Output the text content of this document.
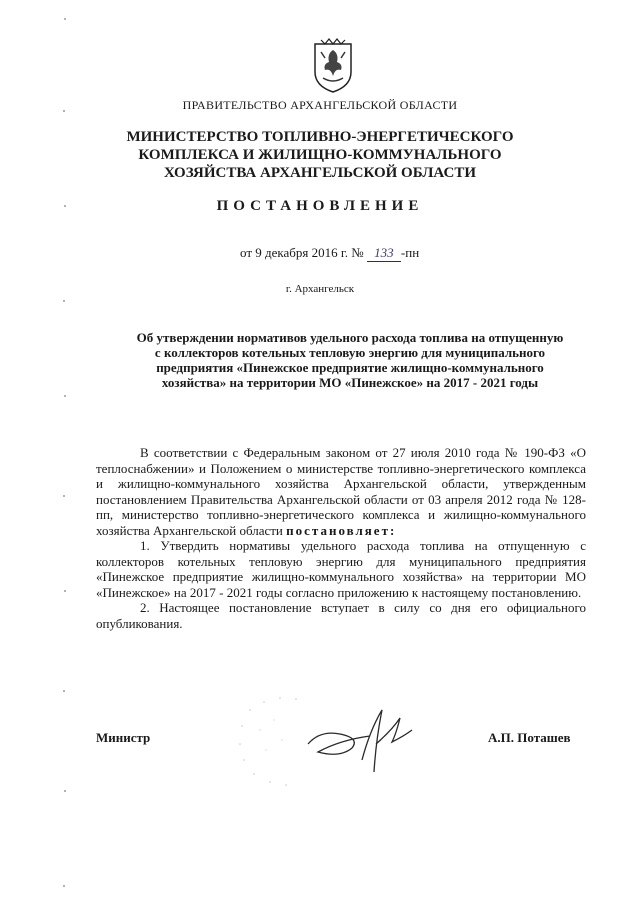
ПРАВИТЕЛЬСТВО АРХАНГЕЛЬСКОЙ ОБЛАСТИ
МИНИСТЕРСТВО ТОПЛИВНО-ЭНЕРГЕТИЧЕСКОГО
КОМПЛЕКСА И ЖИЛИЩНО-КОММУНАЛЬНОГО
ХОЗЯЙСТВА АРХАНГЕЛЬСКОЙ ОБЛАСТИ
ПОСТАНОВЛЕНИЕ
от 9 декабря 2016 г. № 133 -пн
г. Архангельск
Об утверждении нормативов удельного расхода топлива на отпущенную
с коллекторов котельных тепловую энергию для муниципального
предприятия «Пинежское предприятие жилищно-коммунального
хозяйства» на территории МО «Пинежское» на 2017 - 2021 годы
В соответствии с Федеральным законом от 27 июля 2010 года № 190-ФЗ «О теплоснабжении» и Положением о министерстве топливно-энергетического комплекса и жилищно-коммунального хозяйства Архангельской области, утвержденным постановлением Правительства Архангельской области от 03 апреля 2012 года № 128-пп, министерство топливно-энергетического комплекса и жилищно-коммунального хозяйства Архангельской области постановляет:
1. Утвердить нормативы удельного расхода топлива на отпущенную с коллекторов котельных тепловую энергию для муниципального предприятия «Пинежское предприятие жилищно-коммунального хозяйства» на территории МО «Пинежское» на 2017 - 2021 годы согласно приложению к настоящему постановлению.
2. Настоящее постановление вступает в силу со дня его официального опубликования.
Министр	А.П. Поташев
